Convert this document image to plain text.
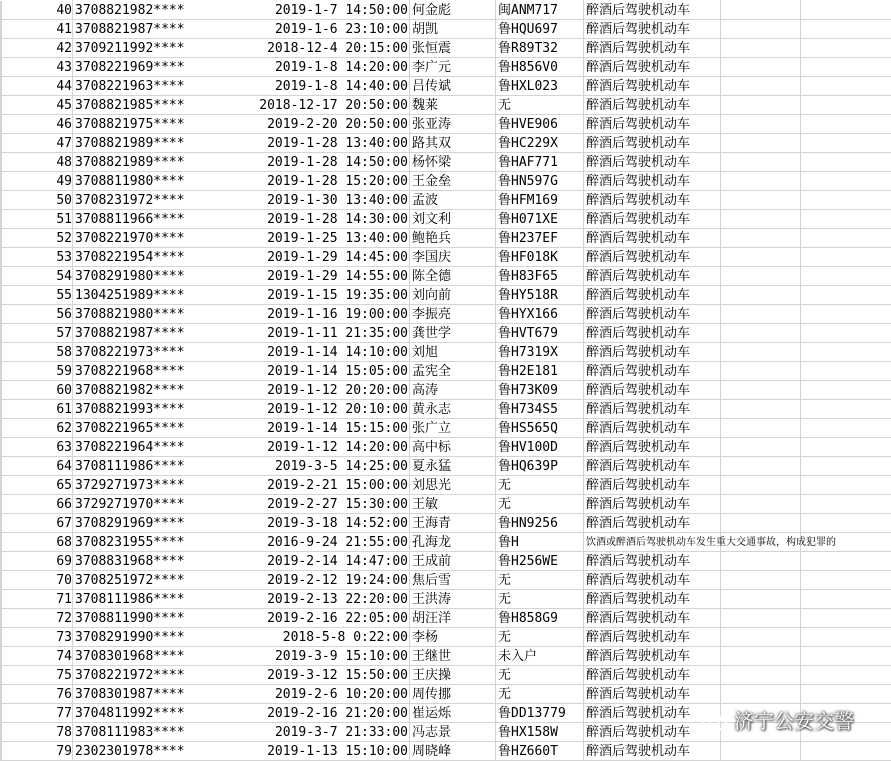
40 3708821982****	2019-1-7 14:50:00 何金彪	闽ANM717	醉酒后驾驶机动车
41 3708821987****	2019-1-6 23:10:00 胡凯	鲁HQU697	醉酒后驾驶机动车
42 3709211992****	2018-12-4 20:15:00 张恒震	鲁R89T32	醉酒后驾驶机动车
43 3708221969****	2019-1-8 14:20:00 李广元	鲁H856V0	醉酒后驾驶机动车
44 3708221963****	2019-1-8 14:40:00 吕传斌	鲁HXL023	醉酒后驾驶机动车
45 3708821985****	2018-12-17 20:50:00 魏莱	无	醉酒后驾驶机动车
46 3708821975****	2019-2-20 20:50:00 张亚涛	鲁HVE906	醉酒后驾驶机动车
47 3708821989****	2019-1-28 13:40:00 路其双	鲁HC229X	醉酒后驾驶机动车
48 3708821989****	2019-1-28 14:50:00 杨怀梁	鲁HAF771	醉酒后驾驶机动车
49 3708811980****	2019-1-28 15:20:00 王金垒	鲁HN597G	醉酒后驾驶机动车
50 3708231972****	2019-1-30 13:40:00 孟波	鲁HFM169	醉酒后驾驶机动车
51 3708811966****	2019-1-28 14:30:00 刘文利	鲁H071XE	醉酒后驾驶机动车
52 3708221970****	2019-1-25 13:40:00 鲍艳兵	鲁H237EF	醉酒后驾驶机动车
53 3708221954****	2019-1-29 14:45:00 李国庆	鲁HF018K	醉酒后驾驶机动车
54 3708291980****	2019-1-29 14:55:00 陈全德	鲁H83F65	醉酒后驾驶机动车
55 1304251989****	2019-1-15 19:35:00 刘向前	鲁HY518R	醉酒后驾驶机动车
56 3708821980****	2019-1-16 19:00:00 李振亮	鲁HYX166	醉酒后驾驶机动车
57 3708821987****	2019-1-11 21:35:00 龚世学	鲁HVT679	醉酒后驾驶机动车
58 3708221973****	2019-1-14 14:10:00 刘旭	鲁H7319X	醉酒后驾驶机动车
59 3708221968****	2019-1-14 15:05:00 孟宪全	鲁H2E181	醉酒后驾驶机动车
60 3708821982****	2019-1-12 20:20:00 高涛	鲁H73K09	醉酒后驾驶机动车
61 3708821993****	2019-1-12 20:10:00 黄永志	鲁H734S5	醉酒后驾驶机动车
62 3708221965****	2019-1-14 15:15:00 张广立	鲁HS565Q	醉酒后驾驶机动车
63 3708221964****	2019-1-12 14:20:00 高中标	鲁HV100D	醉酒后驾驶机动车
64 3708111986****	2019-3-5 14:25:00 夏永猛	鲁HQ639P	醉酒后驾驶机动车
65 3729271973****	2019-2-21 15:00:00 刘思光	无	醉酒后驾驶机动车
66 3729271970****	2019-2-27 15:30:00 王敏	无	醉酒后驾驶机动车
67 3708291969****	2019-3-18 14:52:00 王海青	鲁HN9256	醉酒后驾驶机动车
68 3708231955****	2016-9-24 21:55:00 孔海龙	鲁H	饮酒或醉酒后驾驶机动车发生重大交通事故，构成犯罪的
69 3708831968****	2019-2-14 14:47:00 王成前	鲁H256WE	醉酒后驾驶机动车
70 3708251972****	2019-2-12 19:24:00 焦后雪	无	醉酒后驾驶机动车
71 3708111986****	2019-2-13 22:20:00 王洪涛	无	醉酒后驾驶机动车
72 3708811990****	2019-2-16 22:05:00 胡汪洋	鲁H858G9	醉酒后驾驶机动车
73 3708291990****	2018-5-8 0:22:00 李杨	无	醉酒后驾驶机动车
74 3708301968****	2019-3-9 15:10:00 王继世	未入户	醉酒后驾驶机动车
75 3708221972****	2019-3-12 15:50:00 王庆操	无	醉酒后驾驶机动车
76 3708301987****	2019-2-6 10:20:00 周传挪	无	醉酒后驾驶机动车
77 3704811992****	2019-2-16 21:20:00 崔运烁	鲁DD13779	醉酒后驾驶机动车
78 3708111983****	2019-3-7 21:33:00 冯志景	鲁HX158W	醉酒后驾驶机动车
79 2302301978****	2019-1-13 15:10:00 周晓峰	鲁HZ660T	醉酒后驾驶机动车
济宁公安交警
